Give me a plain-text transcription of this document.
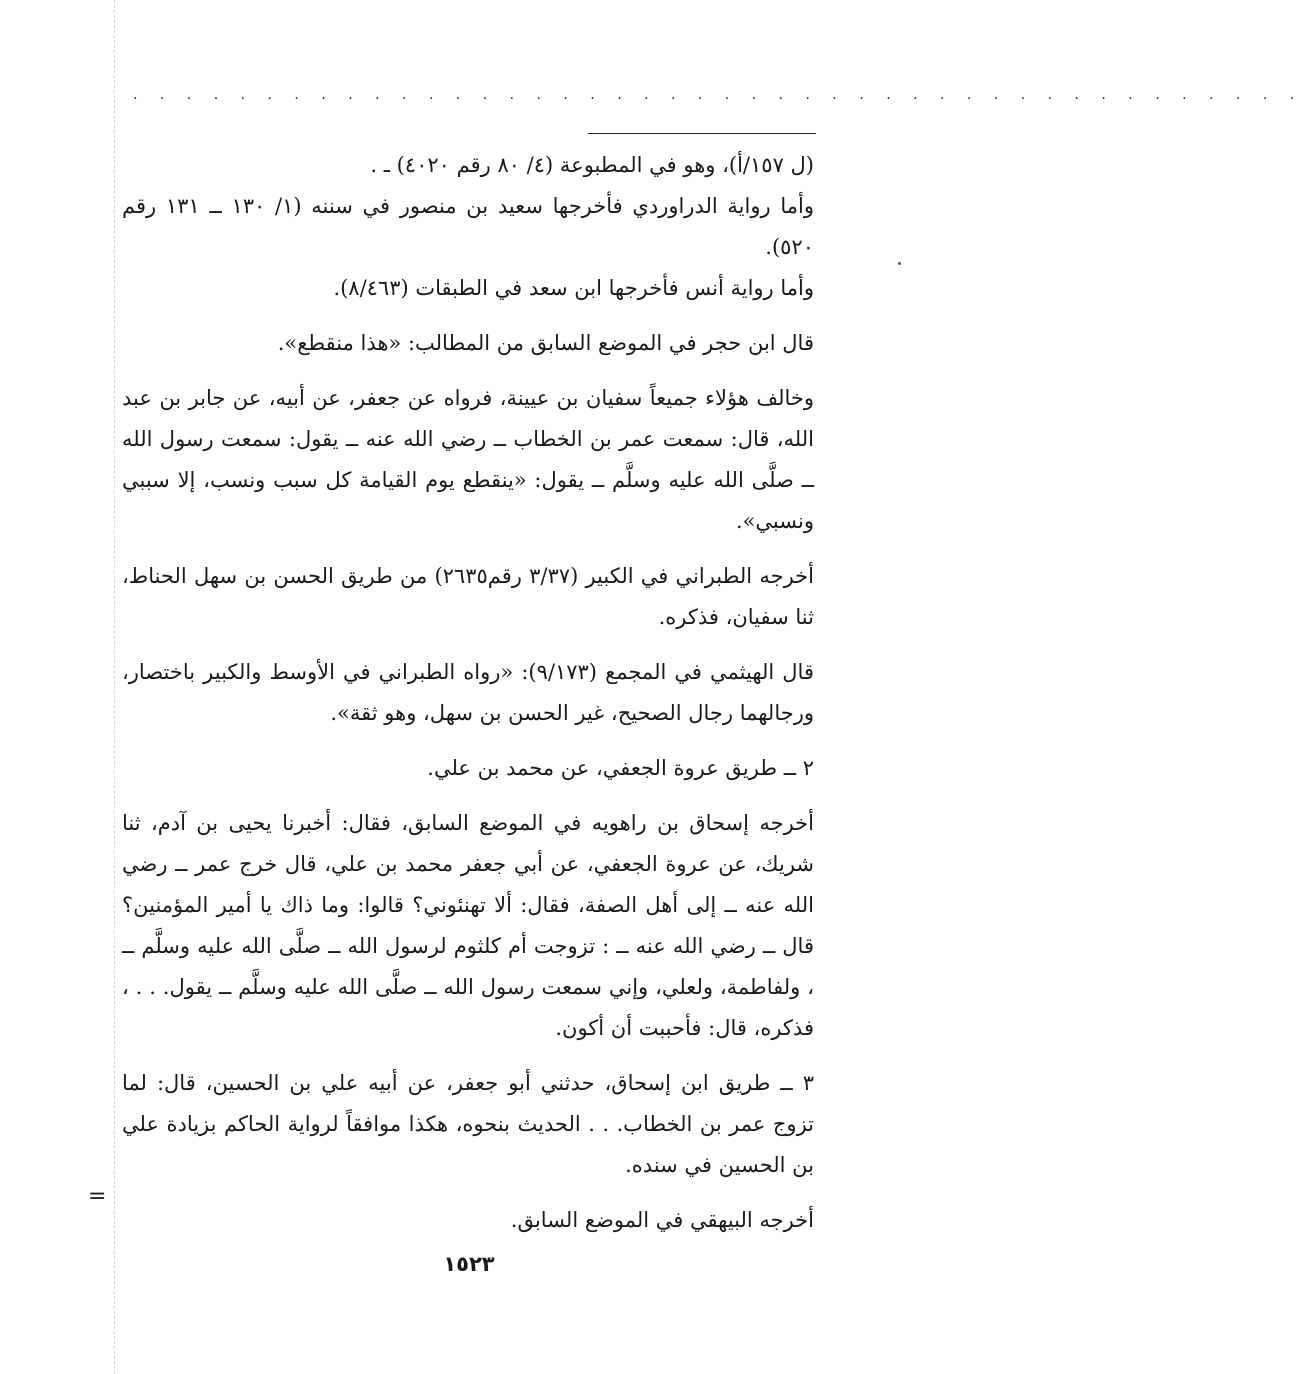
· · · · · · · · · · · · · · · · · · · · · · · · · · · · · · · · · · · · · · · · · · · ·
=

(ل ١٥٧/أ)، وهو في المطبوعة (٤/ ٨٠ رقم ٤٠٢٠) ـ .

وأما رواية الدراوردي فأخرجها سعيد بن منصور في سننه (١/ ١٣٠ ــ ١٣١ رقم ٥٢٠).

وأما رواية أنس فأخرجها ابن سعد في الطبقات (٨/٤٦٣).

قال ابن حجر في الموضع السابق من المطالب: «هذا منقطع».

وخالف هؤلاء جميعاً سفيان بن عيينة، فرواه عن جعفر، عن أبيه، عن جابر بن عبد الله، قال: سمعت عمر بن الخطاب ــ رضي الله عنه ــ يقول: سمعت رسول الله ــ صلَّى الله عليه وسلَّم ــ يقول: «ينقطع يوم القيامة كل سبب ونسب، إلا سببي ونسبي».

أخرجه الطبراني في الكبير (٣/٣٧ رقم٢٦٣٥) من طريق الحسن بن سهل الحناط، ثنا سفيان، فذكره.

قال الهيثمي في المجمع (٩/١٧٣): «رواه الطبراني في الأوسط والكبير باختصار، ورجالهما رجال الصحيح، غير الحسن بن سهل، وهو ثقة».

٢ ــ طريق عروة الجعفي، عن محمد بن علي.

أخرجه إسحاق بن راهويه في الموضع السابق، فقال: أخبرنا يحيى بن آدم، ثنا شريك، عن عروة الجعفي، عن أبي جعفر محمد بن علي، قال خرج عمر ــ رضي الله عنه ــ إلى أهل الصفة، فقال: ألا تهنئوني؟ قالوا: وما ذاك يا أمير المؤمنين؟ قال ــ رضي الله عنه ــ : تزوجت أم كلثوم لرسول الله ــ صلَّى الله عليه وسلَّم ــ ، ولفاطمة، ولعلي، وإني سمعت رسول الله ــ صلَّى الله عليه وسلَّم ــ يقول. . . ، فذكره، قال: فأحببت أن أكون.

٣ ــ طريق ابن إسحاق، حدثني أبو جعفر، عن أبيه علي بن الحسين، قال: لما تزوج عمر بن الخطاب. . . الحديث بنحوه، هكذا موافقاً لرواية الحاكم بزيادة علي بن الحسين في سنده.

أخرجه البيهقي في الموضع السابق.

١٥٢٣
